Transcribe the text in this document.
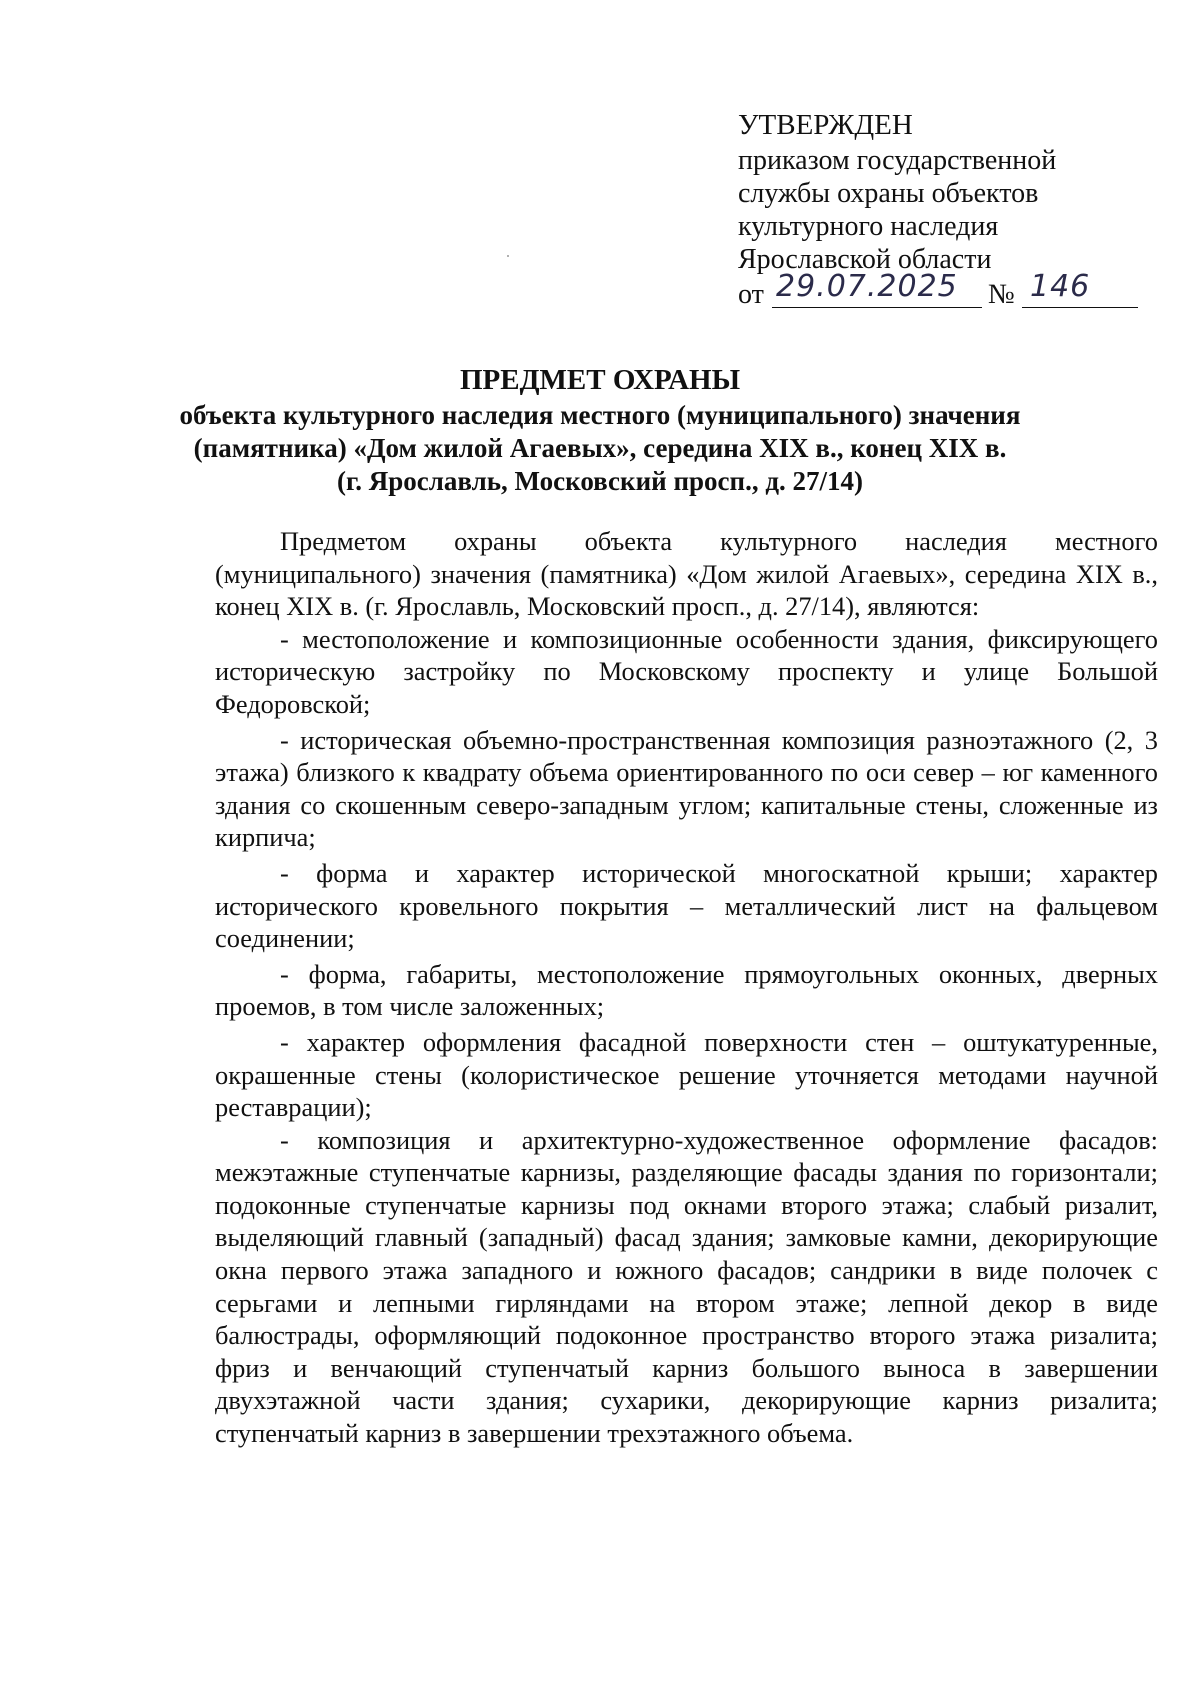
УТВЕРЖДЕН
приказом государственной
службы охраны объектов
культурного наследия
Ярославской области
от 29.07.2025 № 146
ПРЕДМЕТ ОХРАНЫ
объекта культурного наследия местного (муниципального) значения
(памятника) «Дом жилой Агаевых», середина XIX в., конец XIX в.
(г. Ярославль, Московский просп., д. 27/14)

Предметом охраны объекта культурного наследия местного (муниципального) значения (памятника) «Дом жилой Агаевых», середина XIX в., конец XIX в. (г. Ярославль, Московский просп., д. 27/14), являются:

- местоположение и композиционные особенности здания, фиксирующего историческую застройку по Московскому проспекту и улице Большой Федоровской;

- историческая объемно-пространственная композиция разноэтажного (2, 3 этажа) близкого к квадрату объема ориентированного по оси север – юг каменного здания со скошенным северо-западным углом; капитальные стены, сложенные из кирпича;

- форма и характер исторической многоскатной крыши; характер исторического кровельного покрытия – металлический лист на фальцевом соединении;

- форма, габариты, местоположение прямоугольных оконных, дверных проемов, в том числе заложенных;

- характер оформления фасадной поверхности стен – оштукатуренные, окрашенные стены (колористическое решение уточняется методами научной реставрации);

- композиция и архитектурно-художественное оформление фасадов: межэтажные ступенчатые карнизы, разделяющие фасады здания по горизонтали; подоконные ступенчатые карнизы под окнами второго этажа; слабый ризалит, выделяющий главный (западный) фасад здания; замковые камни, декорирующие окна первого этажа западного и южного фасадов; сандрики в виде полочек с серьгами и лепными гирляндами на втором этаже; лепной декор в виде балюстрады, оформляющий подоконное пространство второго этажа ризалита; фриз и венчающий ступенчатый карниз большого выноса в завершении двухэтажной части здания; сухарики, декорирующие карниз ризалита; ступенчатый карниз в завершении трехэтажного объема.
